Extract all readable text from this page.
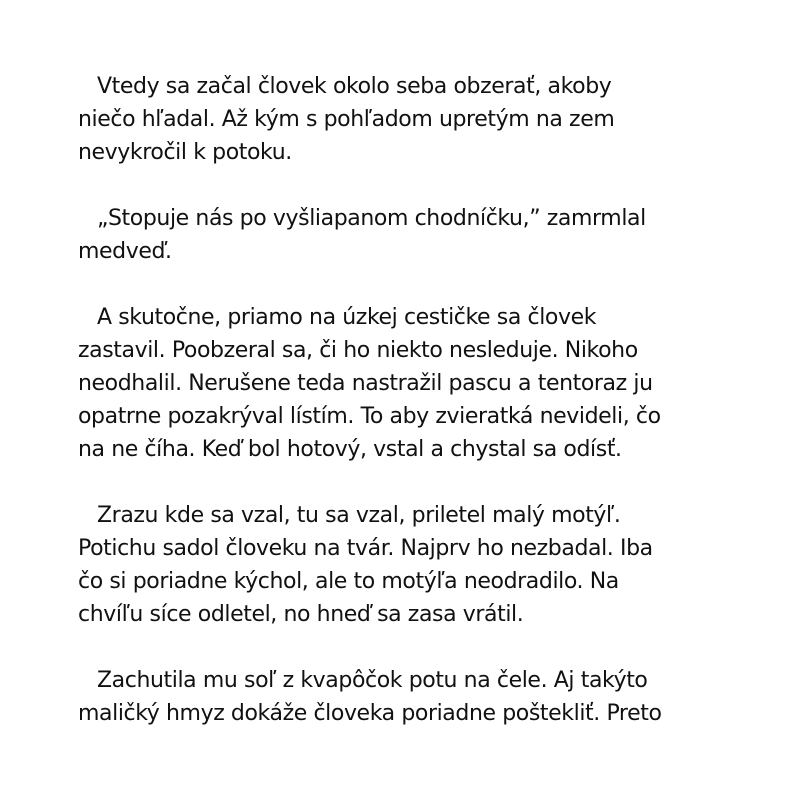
Vtedy sa začal človek okolo seba obzerať, akoby
niečo hľadal. Až kým s pohľadom upretým na zem
nevykročil k potoku.

„Stopuje nás po vyšliapanom chodníčku,” zamrmlal
medveď.

A skutočne, priamo na úzkej cestičke sa človek
zastavil. Poobzeral sa, či ho niekto nesleduje. Nikoho
neodhalil. Nerušene teda nastražil pascu a tentoraz ju
opatrne pozakrýval lístím. To aby zvieratká nevideli, čo
na ne číha. Keď bol hotový, vstal a chystal sa odísť.

Zrazu kde sa vzal, tu sa vzal, priletel malý motýľ.
Potichu sadol človeku na tvár. Najprv ho nezbadal. Iba
čo si poriadne kýchol, ale to motýľa neodradilo. Na
chvíľu síce odletel, no hneď sa zasa vrátil.

Zachutila mu soľ z kvapôčok potu na čele. Aj takýto
maličký hmyz dokáže človeka poriadne poštekliť. Preto
